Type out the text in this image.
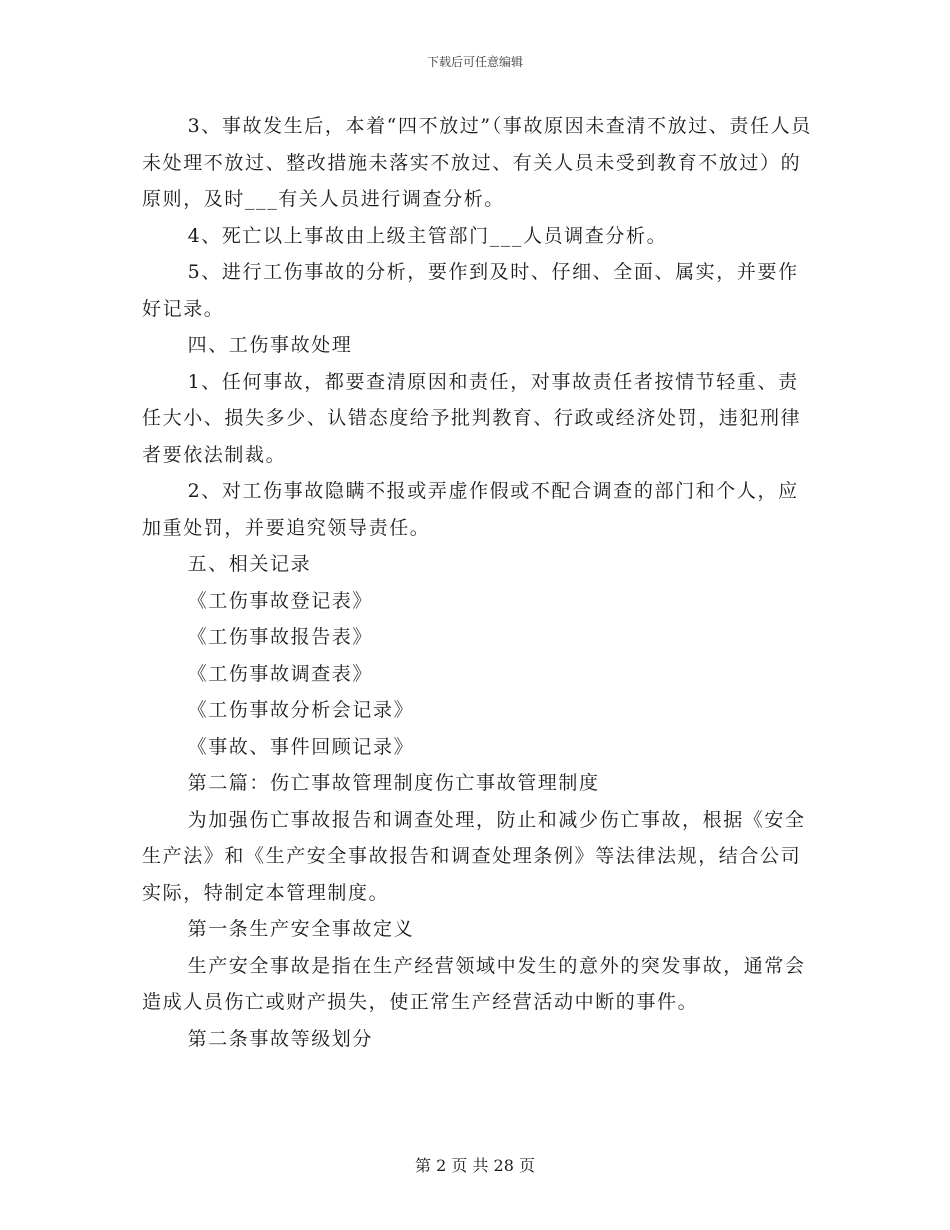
下载后可任意编辑

3、事故发生后，本着“四不放过”（事故原因未查清不放过、责任人员未处理不放过、整改措施未落实不放过、有关人员未受到教育不放过）的原则，及时___有关人员进行调查分析。

4、死亡以上事故由上级主管部门___人员调查分析。

5、进行工伤事故的分析，要作到及时、仔细、全面、属实，并要作好记录。

四、工伤事故处理

1、任何事故，都要查清原因和责任，对事故责任者按情节轻重、责任大小、损失多少、认错态度给予批判教育、行政或经济处罚，违犯刑律者要依法制裁。

2、对工伤事故隐瞒不报或弄虚作假或不配合调查的部门和个人，应加重处罚，并要追究领导责任。

五、相关记录

《工伤事故登记表》

《工伤事故报告表》

《工伤事故调查表》

《工伤事故分析会记录》

《事故、事件回顾记录》

第二篇：伤亡事故管理制度伤亡事故管理制度

为加强伤亡事故报告和调查处理，防止和减少伤亡事故，根据《安全生产法》和《生产安全事故报告和调查处理条例》等法律法规，结合公司实际，特制定本管理制度。

第一条生产安全事故定义

生产安全事故是指在生产经营领域中发生的意外的突发事故，通常会造成人员伤亡或财产损失，使正常生产经营活动中断的事件。

第二条事故等级划分

第 2 页 共 28 页
